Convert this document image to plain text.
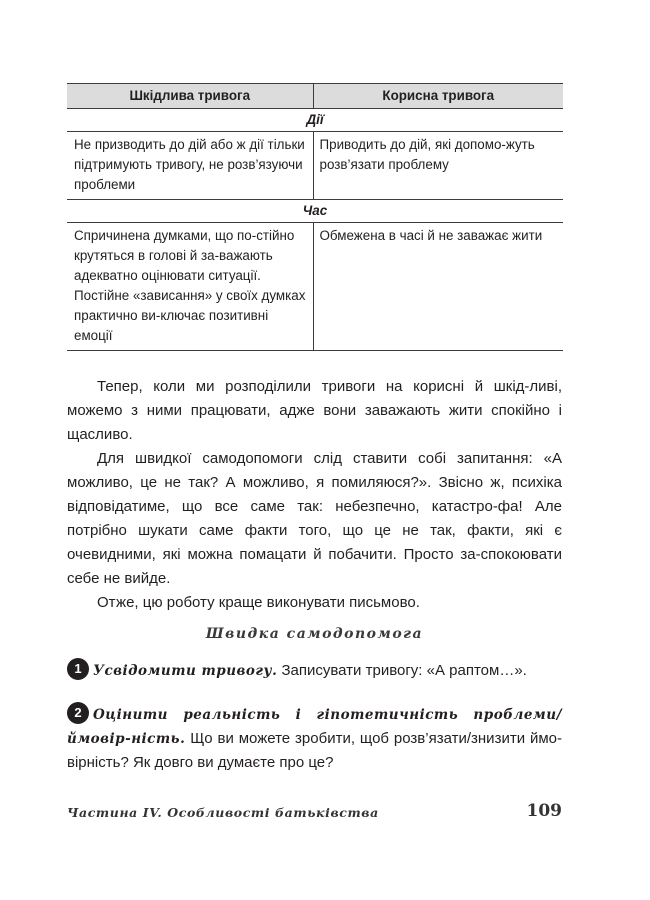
Шкідлива тривога	Корисна тривога
Дії	
Не призводить до дій або ж дії тільки підтримують тривогу, не розв’язуючи проблеми	Приводить до дій, які допомо-жуть розв’язати проблему
Час	
Спричинена думками, що по-стійно крутяться в голові й за-важають адекватно оцінювати ситуації. Постійне «зависання» у своїх думках практично ви-ключає позитивні емоції	Обмежена в часі й не заважає жити

Тепер, коли ми розподілили тривоги на корисні й шкід-ливі, можемо з ними працювати, адже вони заважають жити спокійно і щасливо.

Для швидкої самодопомоги слід ставити собі запитання: «А можливо, це не так? А можливо, я помиляюся?». Звісно ж, психіка відповідатиме, що все саме так: небезпечно, катастро-фа! Але потрібно шукати саме факти того, що це не так, факти, які є очевидними, які можна помацати й побачити. Просто за-спокоювати себе не вийде.

Отже, цю роботу краще виконувати письмово.

Швидка самодопомога
1 Усвідомити тривогу. Записувати тривогу: «А раптом…».
2 Оцінити реальність і гіпотетичність проблеми/ймовір-ність. Що ви можете зробити, щоб розв’язати/знизити ймо-вірність? Як довго ви думаєте про це?
Частина IV. Особливості батьківства	109
